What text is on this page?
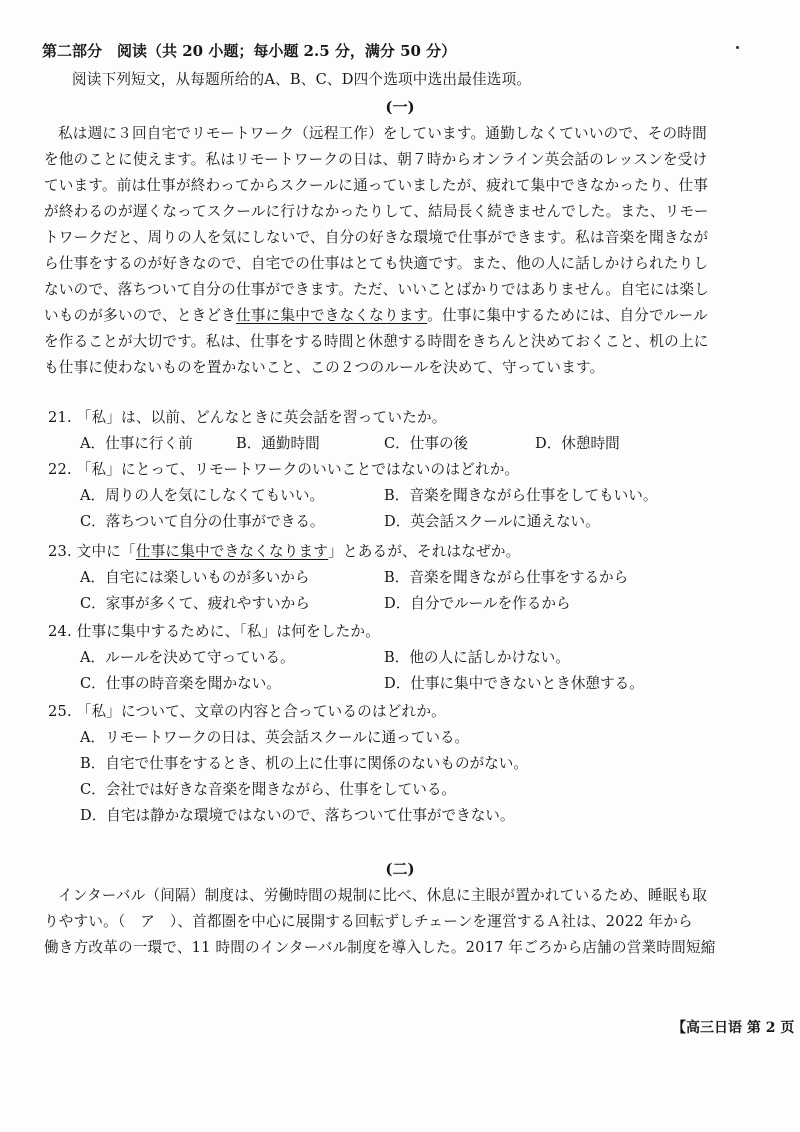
第二部分　阅读（共 20 小题；每小题 2.5 分，满分 50 分）
阅读下列短文，从每题所给的A、B、C、D四个选项中选出最佳选项。
(一)
私は週に３回自宅でリモートワーク（远程工作）をしています。通勤しなくていいので、その時間
を他のことに使えます。私はリモートワークの日は、朝７時からオンライン英会話のレッスンを受け
ています。前は仕事が終わってからスクールに通っていましたが、疲れて集中できなかったり、仕事
が終わるのが遅くなってスクールに行けなかったりして、結局長く続きませんでした。また、リモー
トワークだと、周りの人を気にしないで、自分の好きな環境で仕事ができます。私は音楽を聞きなが
ら仕事をするのが好きなので、自宅での仕事はとても快適です。また、他の人に話しかけられたりし
ないので、落ちついて自分の仕事ができます。ただ、いいことばかりではありません。自宅には楽し
いものが多いので、ときどき仕事に集中できなくなります。仕事に集中するためには、自分でルール
を作ることが大切です。私は、仕事をする時間と休憩する時間をきちんと決めておくこと、机の上に
も仕事に使わないものを置かないこと、この２つのルールを決めて、守っています。
21. 「私」は、以前、どんなときに英会話を習っていたか。
A．仕事に行く前	B．通勤時間	C．仕事の後	D．休憩時間
22. 「私」にとって、リモートワークのいいことではないのはどれか。
A．周りの人を気にしなくてもいい。	B．音楽を聞きながら仕事をしてもいい。
C．落ちついて自分の仕事ができる。	D．英会話スクールに通えない。
23. 文中に「仕事に集中できなくなります」とあるが、それはなぜか。
A．自宅には楽しいものが多いから	B．音楽を聞きながら仕事をするから
C．家事が多くて、疲れやすいから	D．自分でルールを作るから
24. 仕事に集中するために、「私」は何をしたか。
A．ルールを決めて守っている。	B．他の人に話しかけない。
C．仕事の時音楽を聞かない。	D．仕事に集中できないとき休憩する。
25. 「私」について、文章の内容と合っているのはどれか。
A．リモートワークの日は、英会話スクールに通っている。
B．自宅で仕事をするとき、机の上に仕事に関係のないものがない。
C．会社では好きな音楽を聞きながら、仕事をしている。
D．自宅は静かな環境ではないので、落ちついて仕事ができない。
(二)
インターバル（间隔）制度は、労働時間の規制に比べ、休息に主眼が置かれているため、睡眠も取
りやすい。（　ア　）、首都圏を中心に展開する回転ずしチェーンを運営するＡ社は、2022 年から
働き方改革の一環で、11 時間のインターバル制度を導入した。2017 年ごろから店舗の営業時間短縮
【高三日语 第 2 页
